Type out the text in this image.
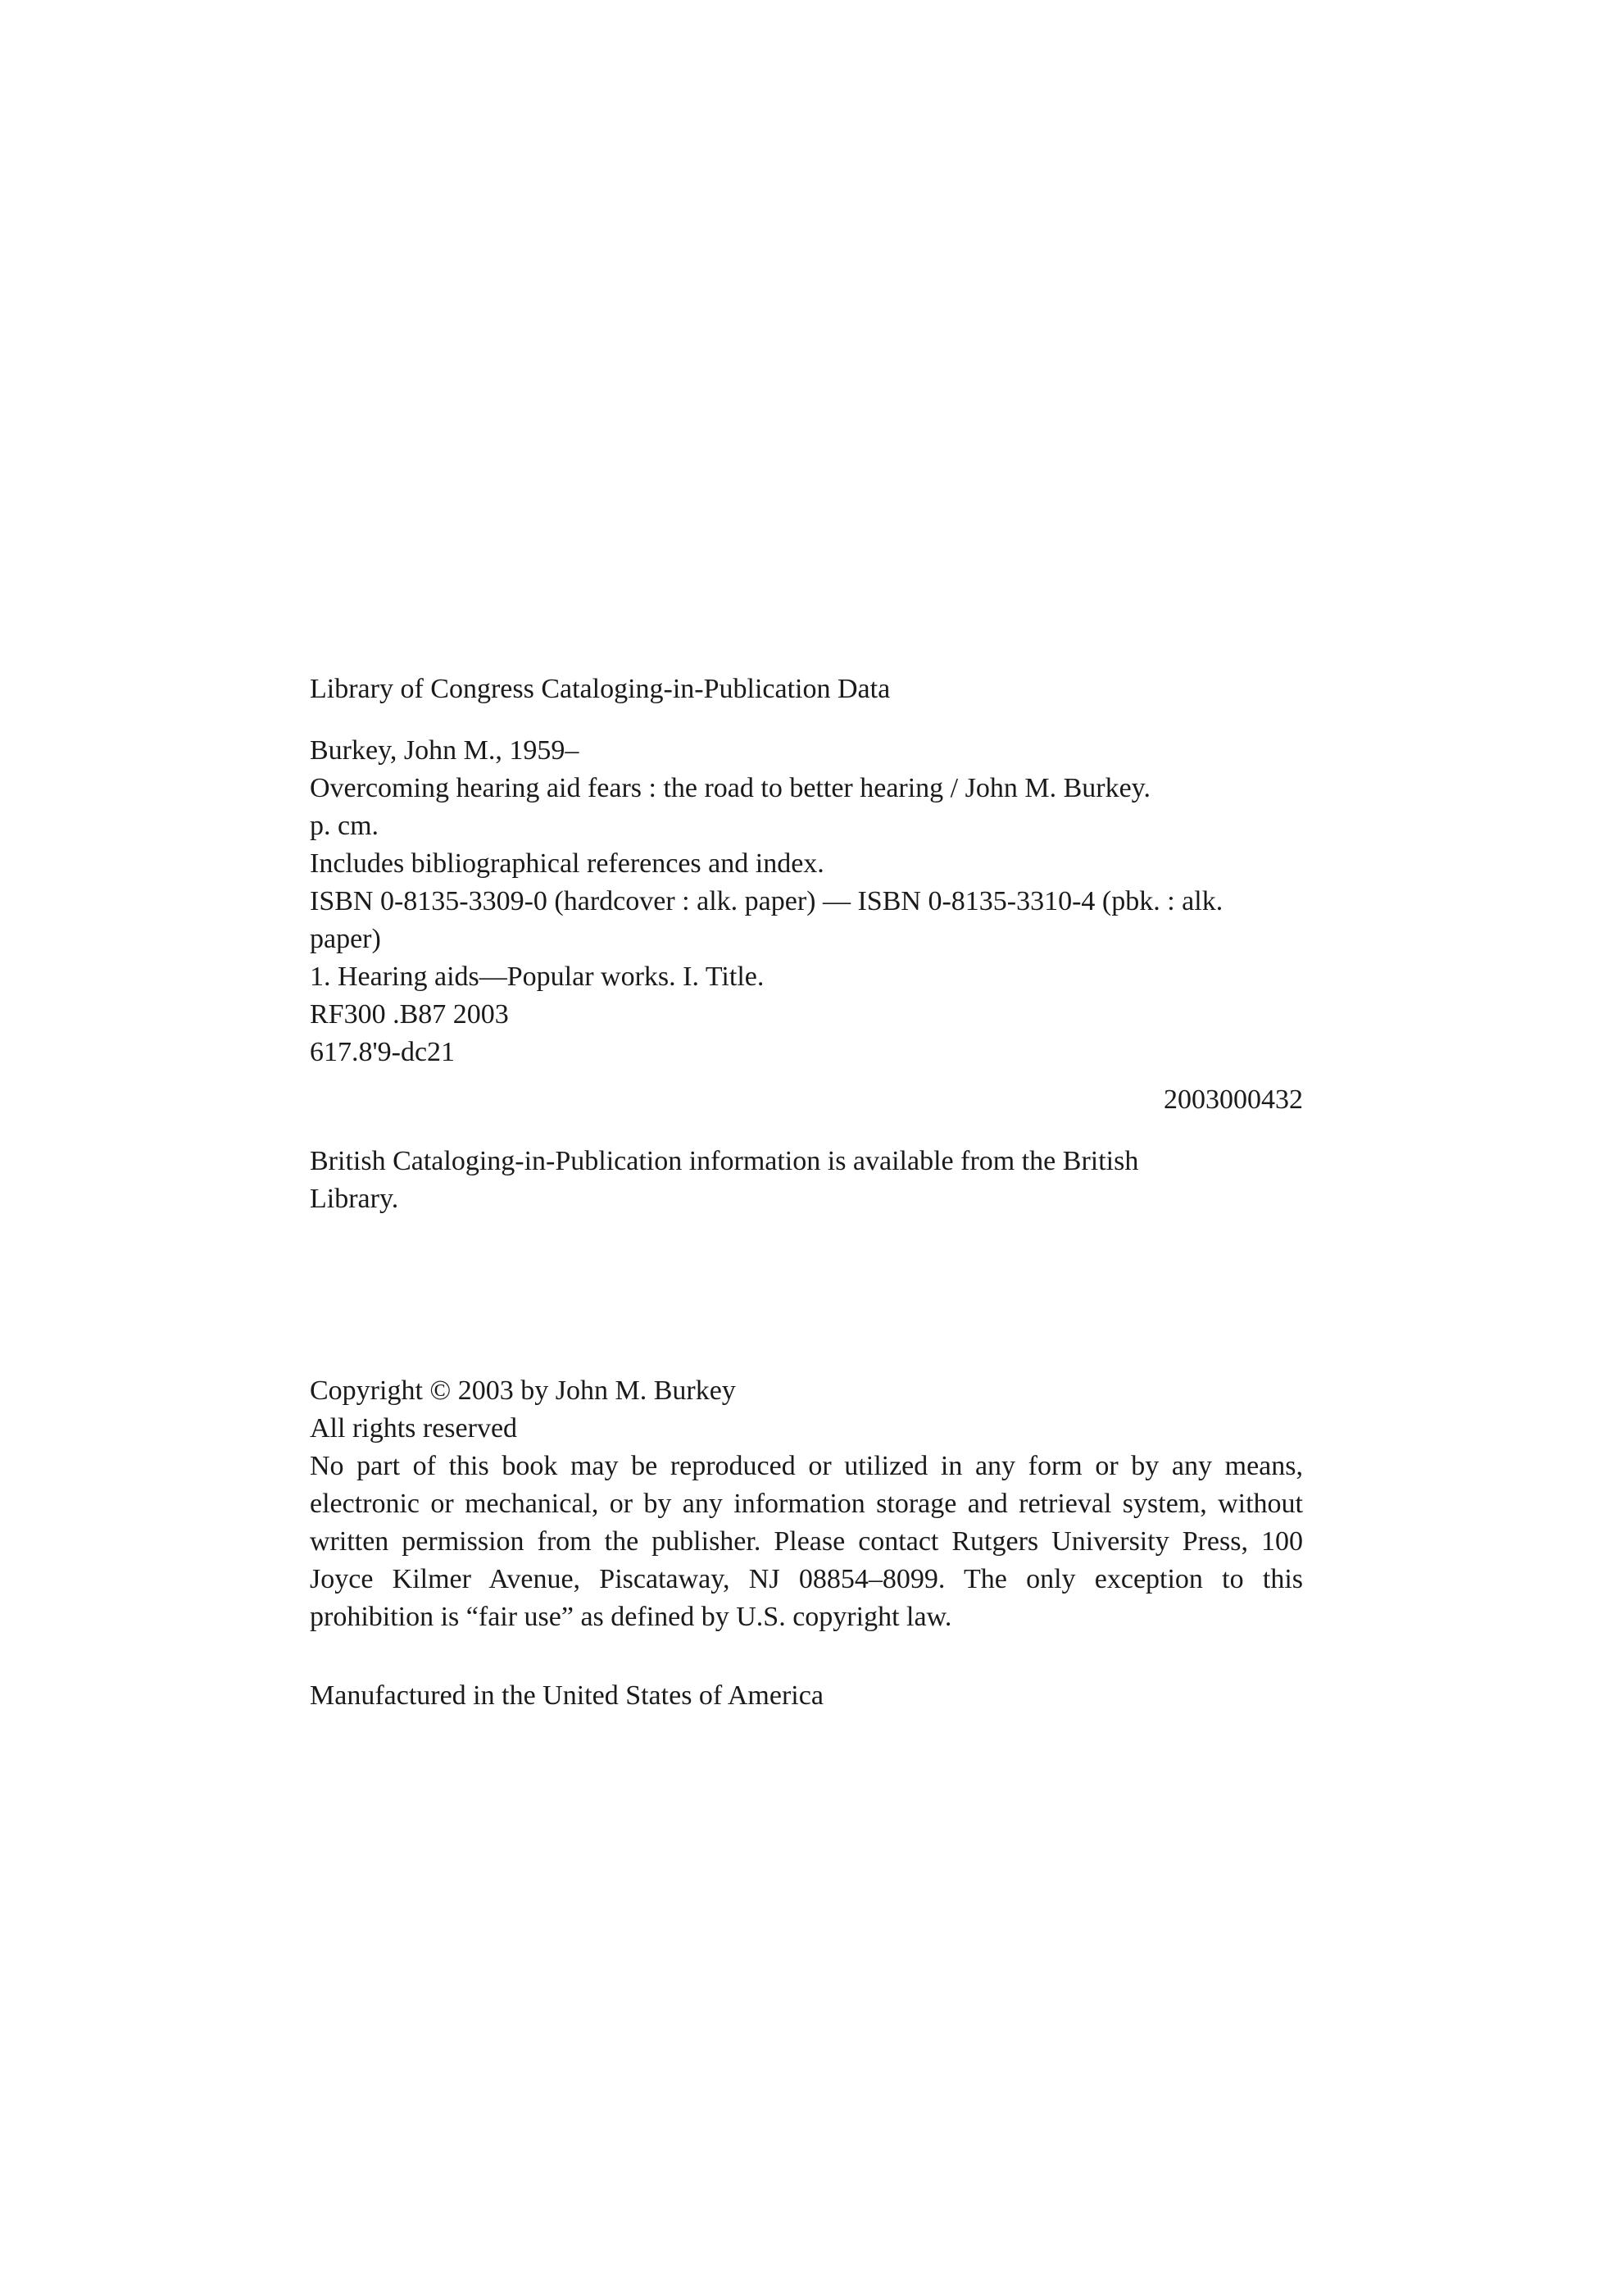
Library of Congress Cataloging-in-Publication Data
Burkey, John M., 1959–
Overcoming hearing aid fears : the road to better hearing / John M. Burkey.
p. cm.
Includes bibliographical references and index.
ISBN 0-8135-3309-0 (hardcover : alk. paper) — ISBN 0-8135-3310-4 (pbk. : alk.
paper)
1. Hearing aids—Popular works. I. Title.
RF300 .B87 2003
617.8'9-dc21
2003000432
British Cataloging-in-Publication information is available from the British
Library.
Copyright © 2003 by John M. Burkey
All rights reserved
No part of this book may be reproduced or utilized in any form or by any means, electronic or mechanical, or by any information storage and retrieval system, without written permission from the publisher. Please contact Rutgers University Press, 100 Joyce Kilmer Avenue, Piscataway, NJ 08854–8099. The only exception to this prohibition is “fair use” as defined by U.S. copyright law.
Manufactured in the United States of America
